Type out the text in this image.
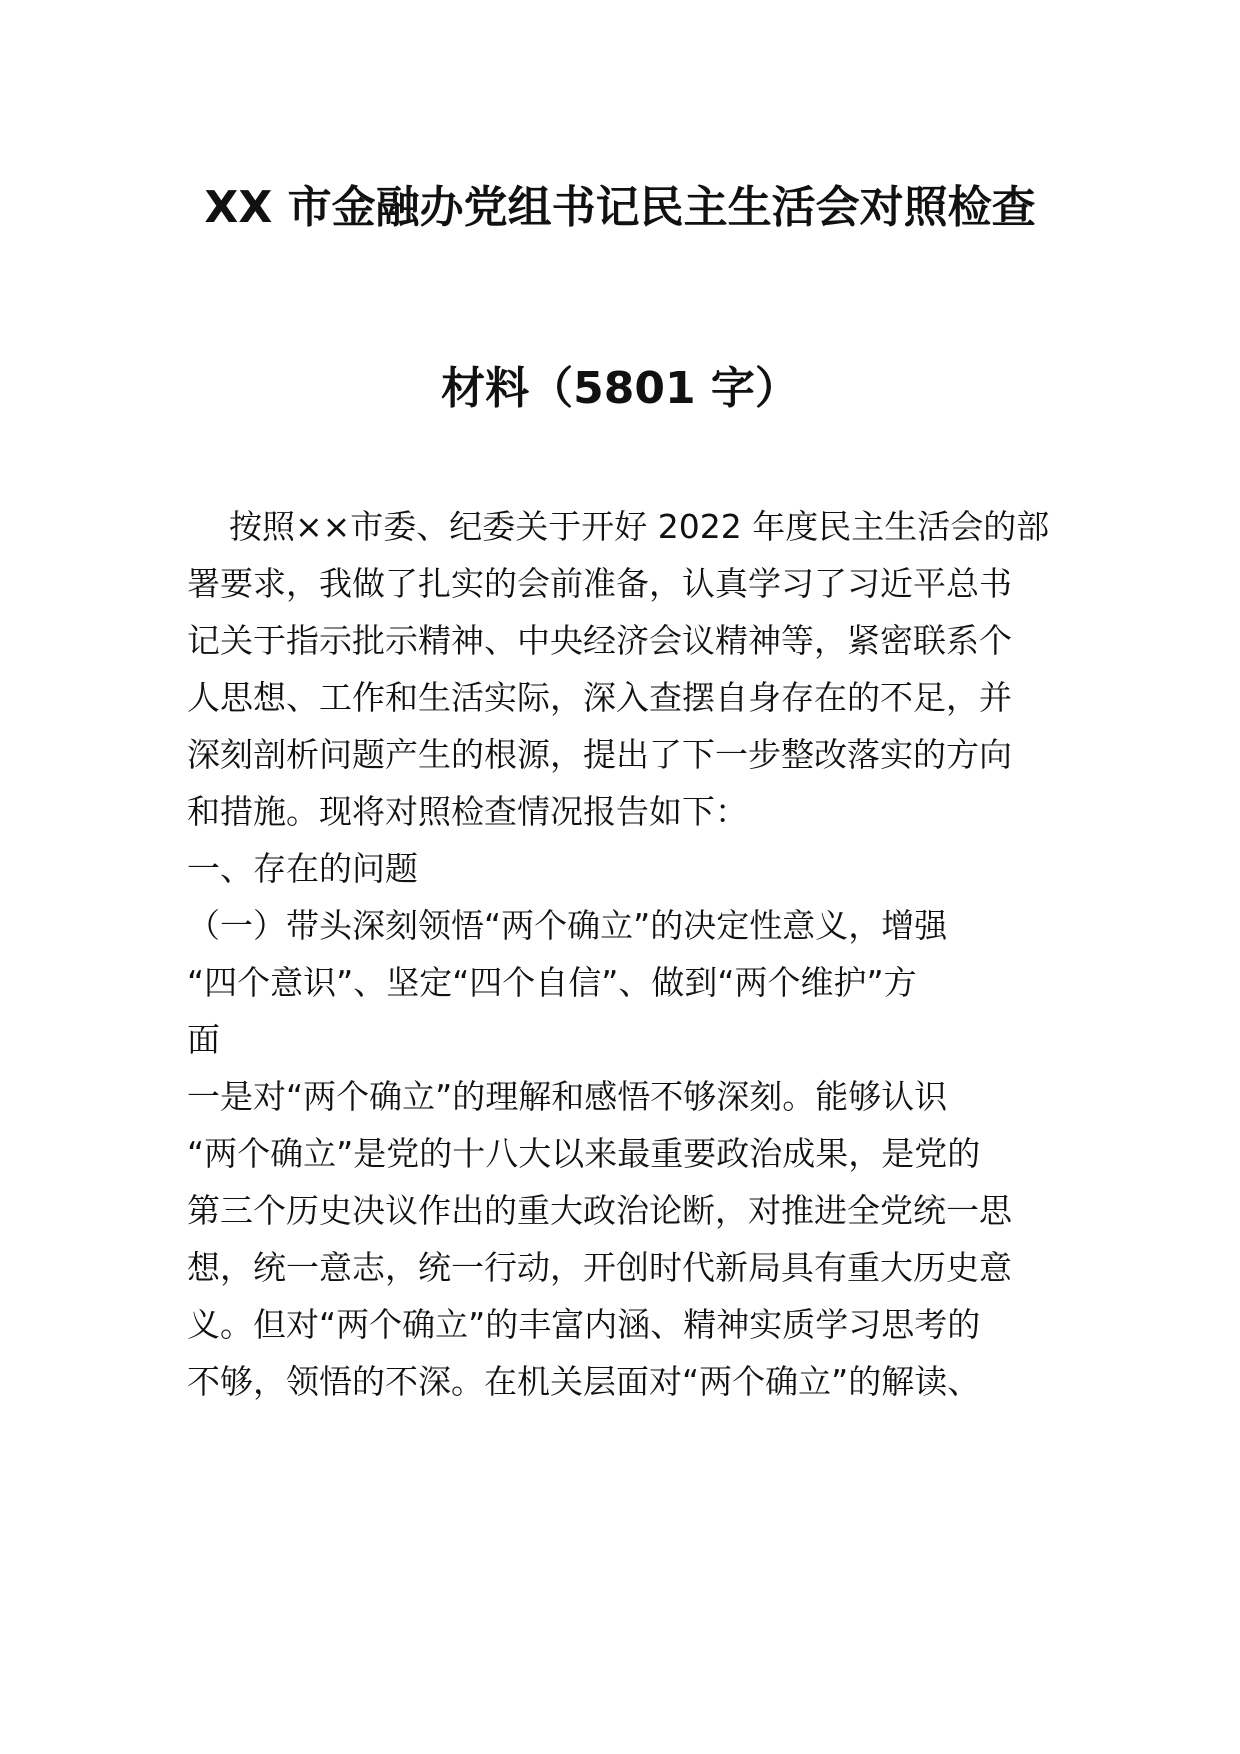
XX 市金融办党组书记民主生活会对照检查
材料（5801 字）
按照××市委、纪委关于开好 2022 年度民主生活会的部
署要求，我做了扎实的会前准备，认真学习了习近平总书
记关于指示批示精神、中央经济会议精神等，紧密联系个
人思想、工作和生活实际，深入查摆自身存在的不足，并
深刻剖析问题产生的根源，提出了下一步整改落实的方向
和措施。现将对照检查情况报告如下：
一、存在的问题
（一）带头深刻领悟“两个确立”的决定性意义，增强
“四个意识”、坚定“四个自信”、做到“两个维护”方
面
一是对“两个确立”的理解和感悟不够深刻。能够认识
“两个确立”是党的十八大以来最重要政治成果，是党的
第三个历史决议作出的重大政治论断，对推进全党统一思
想，统一意志，统一行动，开创时代新局具有重大历史意
义。但对“两个确立”的丰富内涵、精神实质学习思考的
不够，领悟的不深。在机关层面对“两个确立”的解读、
